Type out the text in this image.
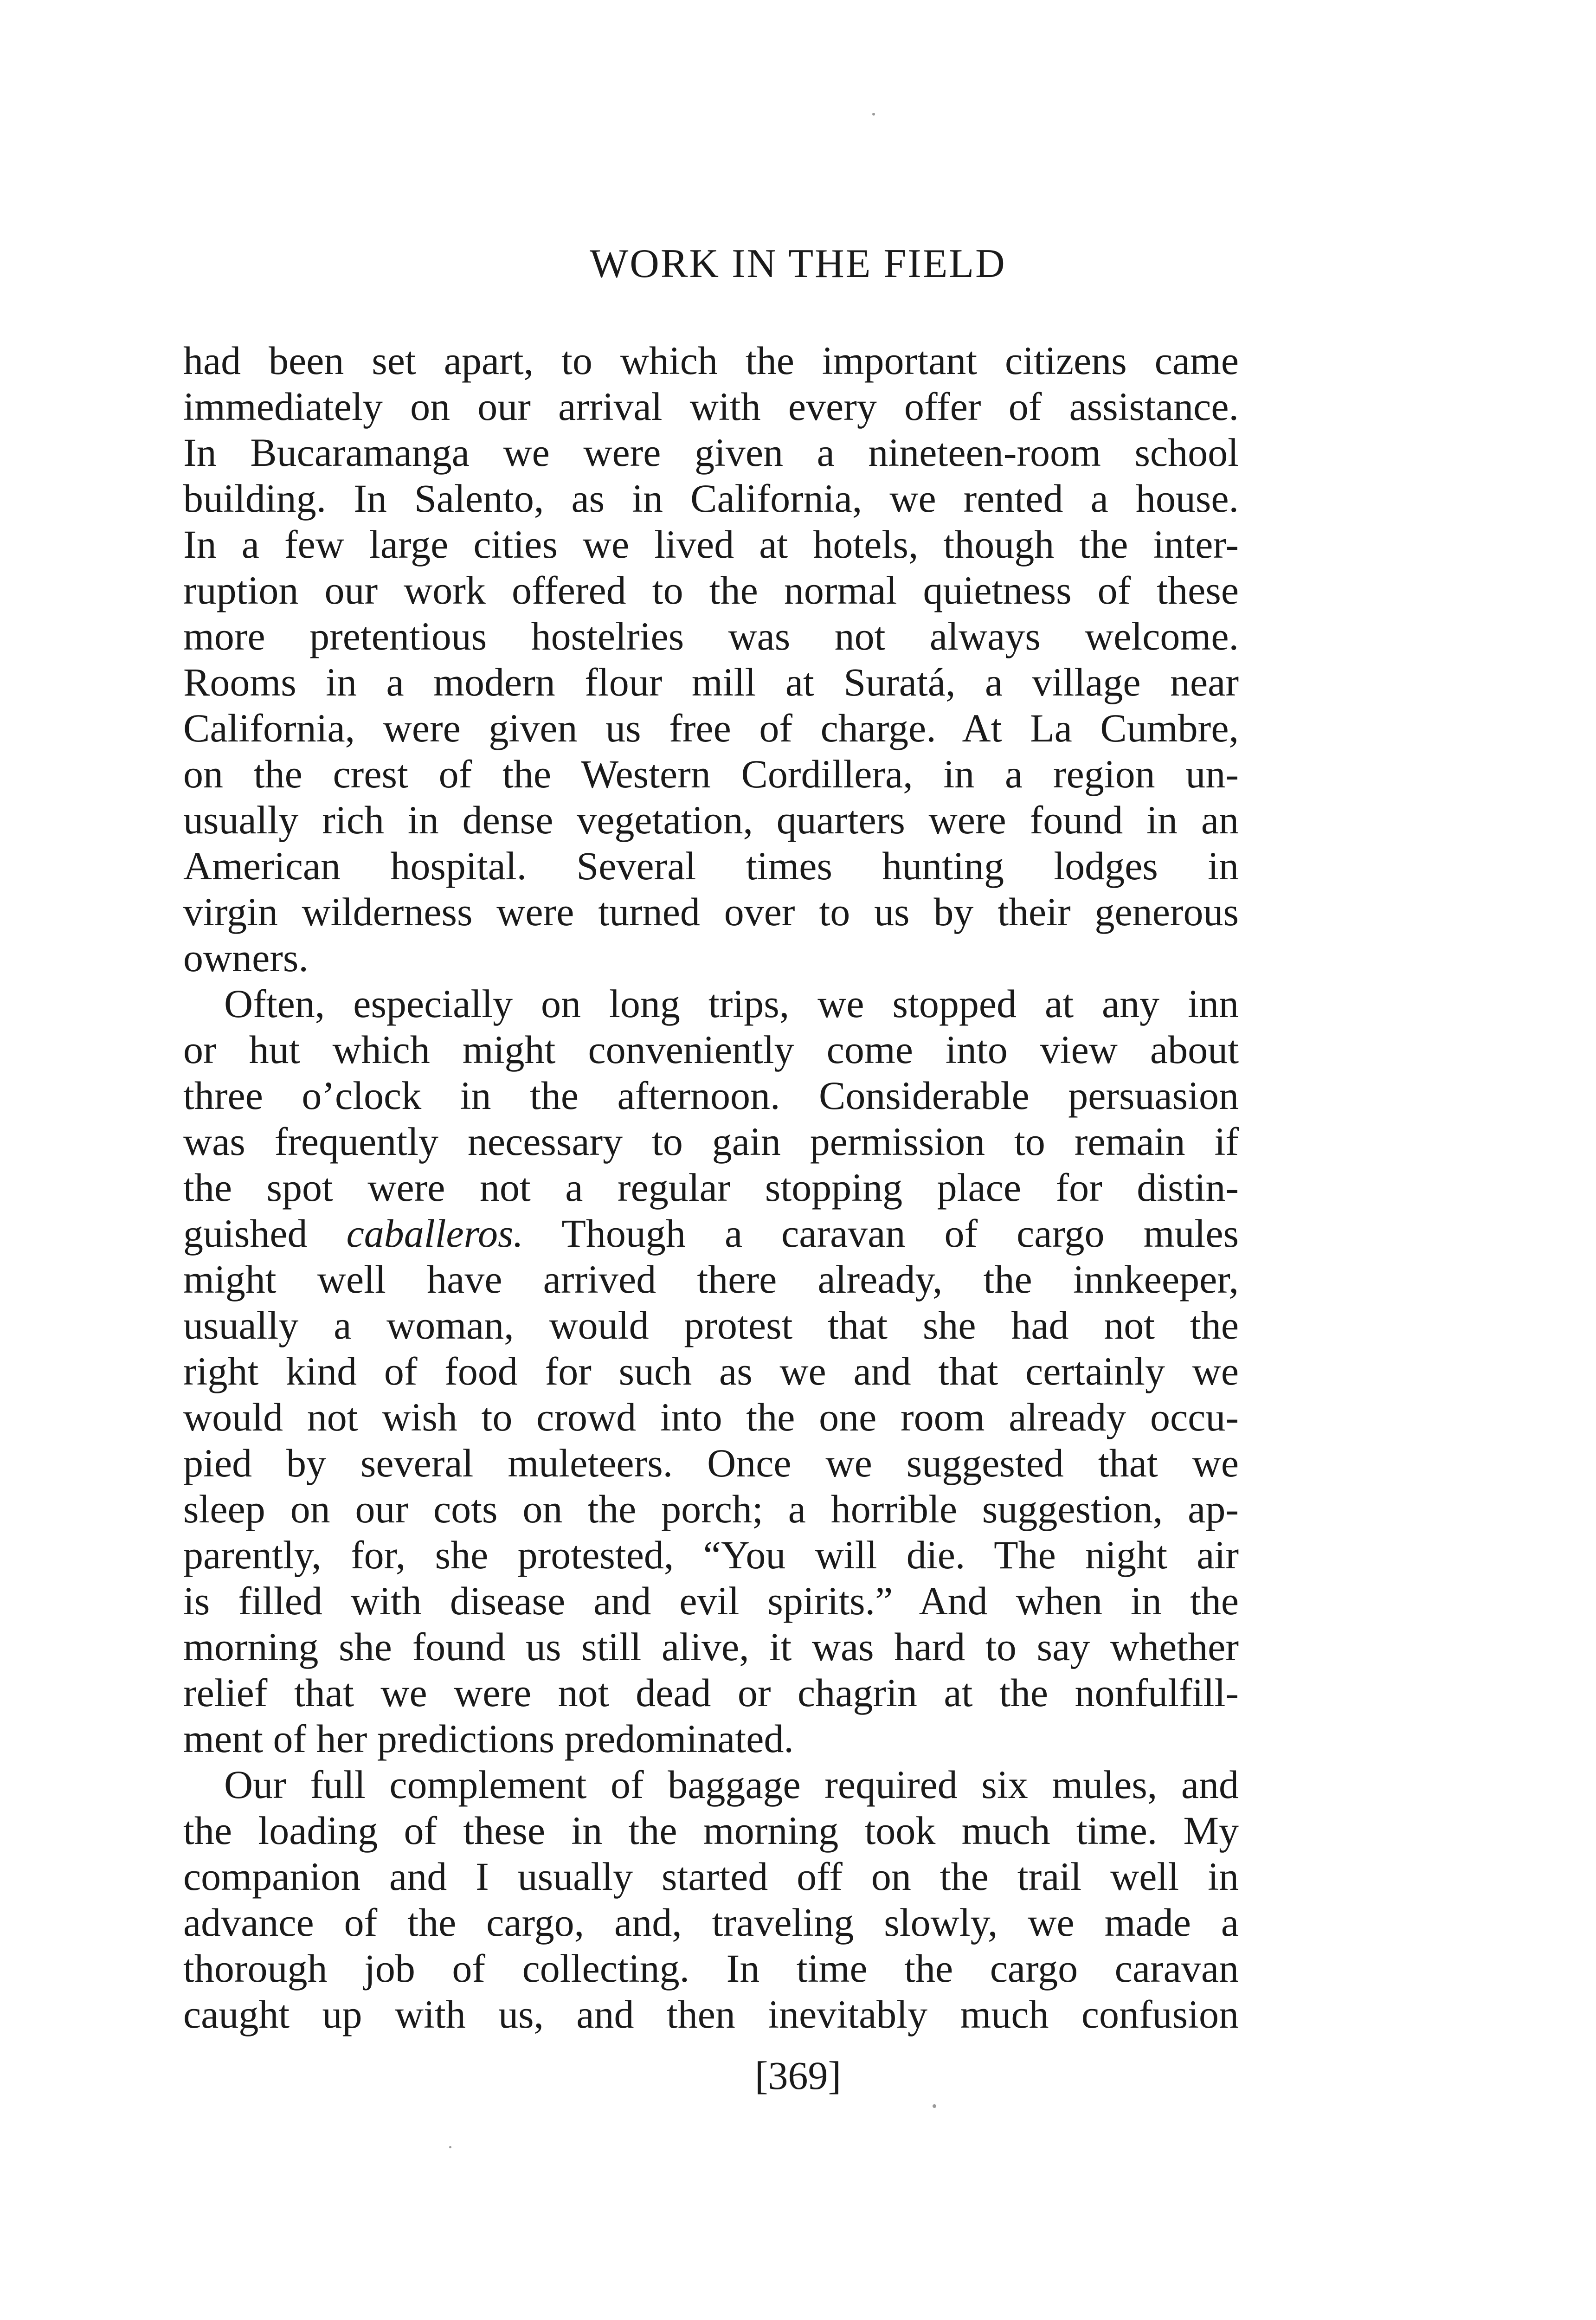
WORK IN THE FIELD
had been set apart, to which the important citizens came
immediately on our arrival with every offer of assistance.
In Bucaramanga we were given a nineteen-room school
building. In Salento, as in California, we rented a house.
In a few large cities we lived at hotels, though the inter-
ruption our work offered to the normal quietness of these
more pretentious hostelries was not always welcome.
Rooms in a modern flour mill at Suratá, a village near
California, were given us free of charge. At La Cumbre,
on the crest of the Western Cordillera, in a region un-
usually rich in dense vegetation, quarters were found in an
American hospital. Several times hunting lodges in
virgin wilderness were turned over to us by their generous
owners.
Often, especially on long trips, we stopped at any inn
or hut which might conveniently come into view about
three o’clock in the afternoon. Considerable persuasion
was frequently necessary to gain permission to remain if
the spot were not a regular stopping place for distin-
guished caballeros. Though a caravan of cargo mules
might well have arrived there already, the innkeeper,
usually a woman, would protest that she had not the
right kind of food for such as we and that certainly we
would not wish to crowd into the one room already occu-
pied by several muleteers. Once we suggested that we
sleep on our cots on the porch; a horrible suggestion, ap-
parently, for, she protested, “You will die. The night air
is filled with disease and evil spirits.” And when in the
morning she found us still alive, it was hard to say whether
relief that we were not dead or chagrin at the nonfulfill-
ment of her predictions predominated.
Our full complement of baggage required six mules, and
the loading of these in the morning took much time. My
companion and I usually started off on the trail well in
advance of the cargo, and, traveling slowly, we made a
thorough job of collecting. In time the cargo caravan
caught up with us, and then inevitably much confusion
[369]
